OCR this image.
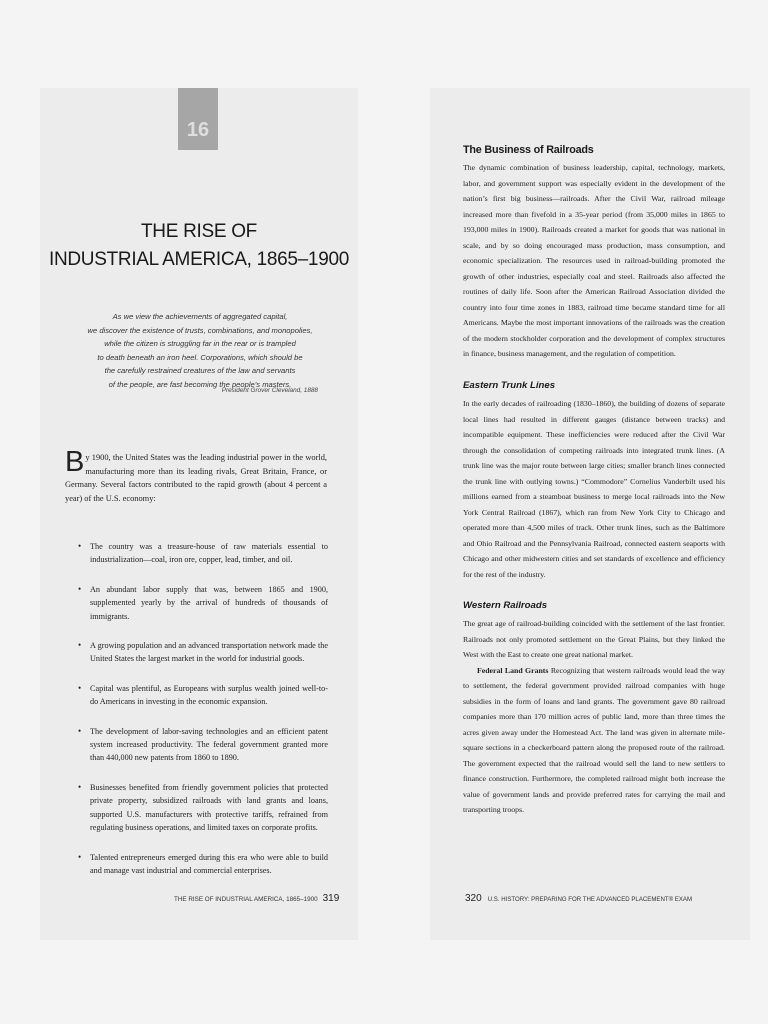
16
THE RISE OF
INDUSTRIAL AMERICA, 1865–1900
As we view the achievements of aggregated capital,
we discover the existence of trusts, combinations, and monopolies,
while the citizen is struggling far in the rear or is trampled
to death beneath an iron heel. Corporations, which should be
the carefully restrained creatures of the law and servants
of the people, are fast becoming the people’s masters.
President Grover Cleveland, 1888
By 1900, the United States was the leading industrial power in the world, manufacturing more than its leading rivals, Great Britain, France, or Germany. Several factors contributed to the rapid growth (about 4 percent a year) of the U.S. economy:
• The country was a treasure-house of raw materials essential to industrialization—coal, iron ore, copper, lead, timber, and oil.
• An abundant labor supply that was, between 1865 and 1900, supplemented yearly by the arrival of hundreds of thousands of immigrants.
• A growing population and an advanced transportation network made the United States the largest market in the world for industrial goods.
• Capital was plentiful, as Europeans with surplus wealth joined well-to-do Americans in investing in the economic expansion.
• The development of labor-saving technologies and an efficient patent system increased productivity. The federal government granted more than 440,000 new patents from 1860 to 1890.
• Businesses benefited from friendly government policies that protected private property, subsidized railroads with land grants and loans, supported U.S. manufacturers with protective tariffs, refrained from regulating business operations, and limited taxes on corporate profits.
• Talented entrepreneurs emerged during this era who were able to build and manage vast industrial and commercial enterprises.
THE RISE OF INDUSTRIAL AMERICA, 1865–1900 319
The Business of Railroads

The dynamic combination of business leadership, capital, technology, markets, labor, and government support was especially evident in the development of the nation’s first big business—railroads. After the Civil War, railroad mileage increased more than fivefold in a 35-year period (from 35,000 miles in 1865 to 193,000 miles in 1900). Railroads created a market for goods that was national in scale, and by so doing encouraged mass production, mass consumption, and economic specialization. The resources used in railroad-building promoted the growth of other industries, especially coal and steel. Railroads also affected the routines of daily life. Soon after the American Railroad Association divided the country into four time zones in 1883, railroad time became standard time for all Americans. Maybe the most important innovations of the railroads was the creation of the modern stockholder corporation and the development of complex structures in finance, business management, and the regulation of competition.

Eastern Trunk Lines

In the early decades of railroading (1830–1860), the building of dozens of separate local lines had resulted in different gauges (distance between tracks) and incompatible equipment. These inefficiencies were reduced after the Civil War through the consolidation of competing railroads into integrated trunk lines. (A trunk line was the major route between large cities; smaller branch lines connected the trunk line with outlying towns.) “Commodore” Cornelius Vanderbilt used his millions earned from a steamboat business to merge local railroads into the New York Central Railroad (1867), which ran from New York City to Chicago and operated more than 4,500 miles of track. Other trunk lines, such as the Baltimore and Ohio Railroad and the Pennsylvania Railroad, connected eastern seaports with Chicago and other midwestern cities and set standards of excellence and efficiency for the rest of the industry.

Western Railroads

The great age of railroad-building coincided with the settlement of the last frontier. Railroads not only promoted settlement on the Great Plains, but they linked the West with the East to create one great national market.

Federal Land Grants Recognizing that western railroads would lead the way to settlement, the federal government provided railroad companies with huge subsidies in the form of loans and land grants. The government gave 80 railroad companies more than 170 million acres of public land, more than three times the acres given away under the Homestead Act. The land was given in alternate mile-square sections in a checkerboard pattern along the proposed route of the railroad. The government expected that the railroad would sell the land to new settlers to finance construction. Furthermore, the completed railroad might both increase the value of government lands and provide preferred rates for carrying the mail and transporting troops.

320 U.S. HISTORY: PREPARING FOR THE ADVANCED PLACEMENT® EXAM
